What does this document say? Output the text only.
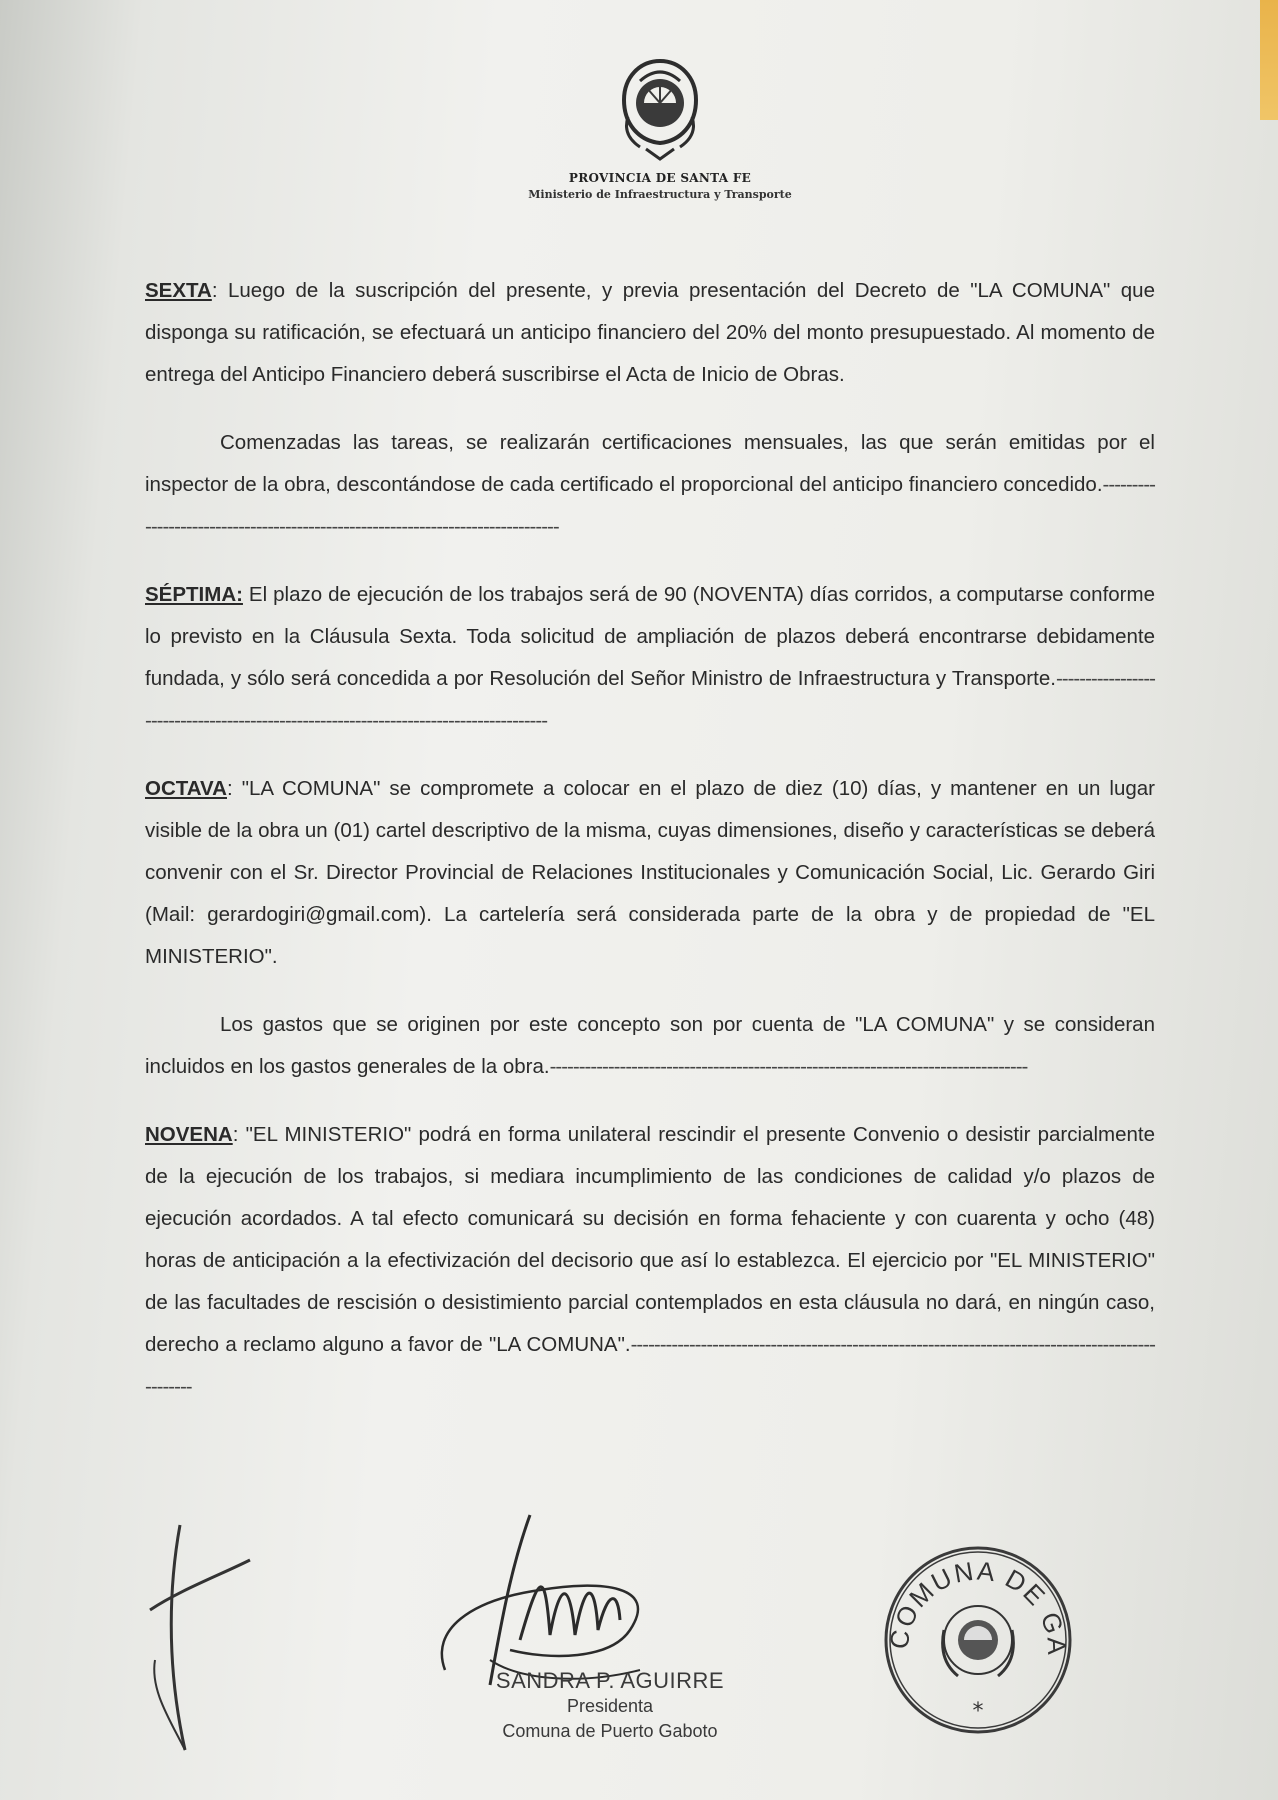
PROVINCIA DE SANTA FE
Ministerio de Infraestructura y Transporte

SEXTA: Luego de la suscripción del presente, y previa presentación del Decreto de "LA COMUNA" que disponga su ratificación, se efectuará un anticipo financiero del 20% del monto presupuestado. Al momento de entrega del Anticipo Financiero deberá suscribirse el Acta de Inicio de Obras.

Comenzadas las tareas, se realizarán certificaciones mensuales, las que serán emitidas por el inspector de la obra, descontándose de cada certificado el proporcional del anticipo financiero concedido.--------------------------------------------------------------------------------

SÉPTIMA: El plazo de ejecución de los trabajos será de 90 (NOVENTA) días corridos, a computarse conforme lo previsto en la Cláusula Sexta. Toda solicitud de ampliación de plazos deberá encontrarse debidamente fundada, y sólo será concedida a por Resolución del Señor Ministro de Infraestructura y Transporte.--------------------------------------------------------------------------------------

OCTAVA: "LA COMUNA" se compromete a colocar en el plazo de diez (10) días, y mantener en un lugar visible de la obra un (01) cartel descriptivo de la misma, cuyas dimensiones, diseño y características se deberá convenir con el Sr. Director Provincial de Relaciones Institucionales y Comunicación Social, Lic. Gerardo Giri (Mail: gerardogiri@gmail.com). La cartelería será considerada parte de la obra y de propiedad de "EL MINISTERIO".

Los gastos que se originen por este concepto son por cuenta de "LA COMUNA" y se consideran incluidos en los gastos generales de la obra.----------------------------------------------------------------------------------

NOVENA: "EL MINISTERIO" podrá en forma unilateral rescindir el presente Convenio o desistir parcialmente de la ejecución de los trabajos, si mediara incumplimiento de las condiciones de calidad y/o plazos de ejecución acordados. A tal efecto comunicará su decisión en forma fehaciente y con cuarenta y ocho (48) horas de anticipación a la efectivización del decisorio que así lo establezca. El ejercicio por "EL MINISTERIO" de las facultades de rescisión o desistimiento parcial contemplados en esta cláusula no dará, en ningún caso, derecho a reclamo alguno a favor de "LA COMUNA".--------------------------------------------------------------------------------------------------

SANDRA P. AGUIRRE
Presidenta
Comuna de Puerto Gaboto
COMUNA DE GA
*
